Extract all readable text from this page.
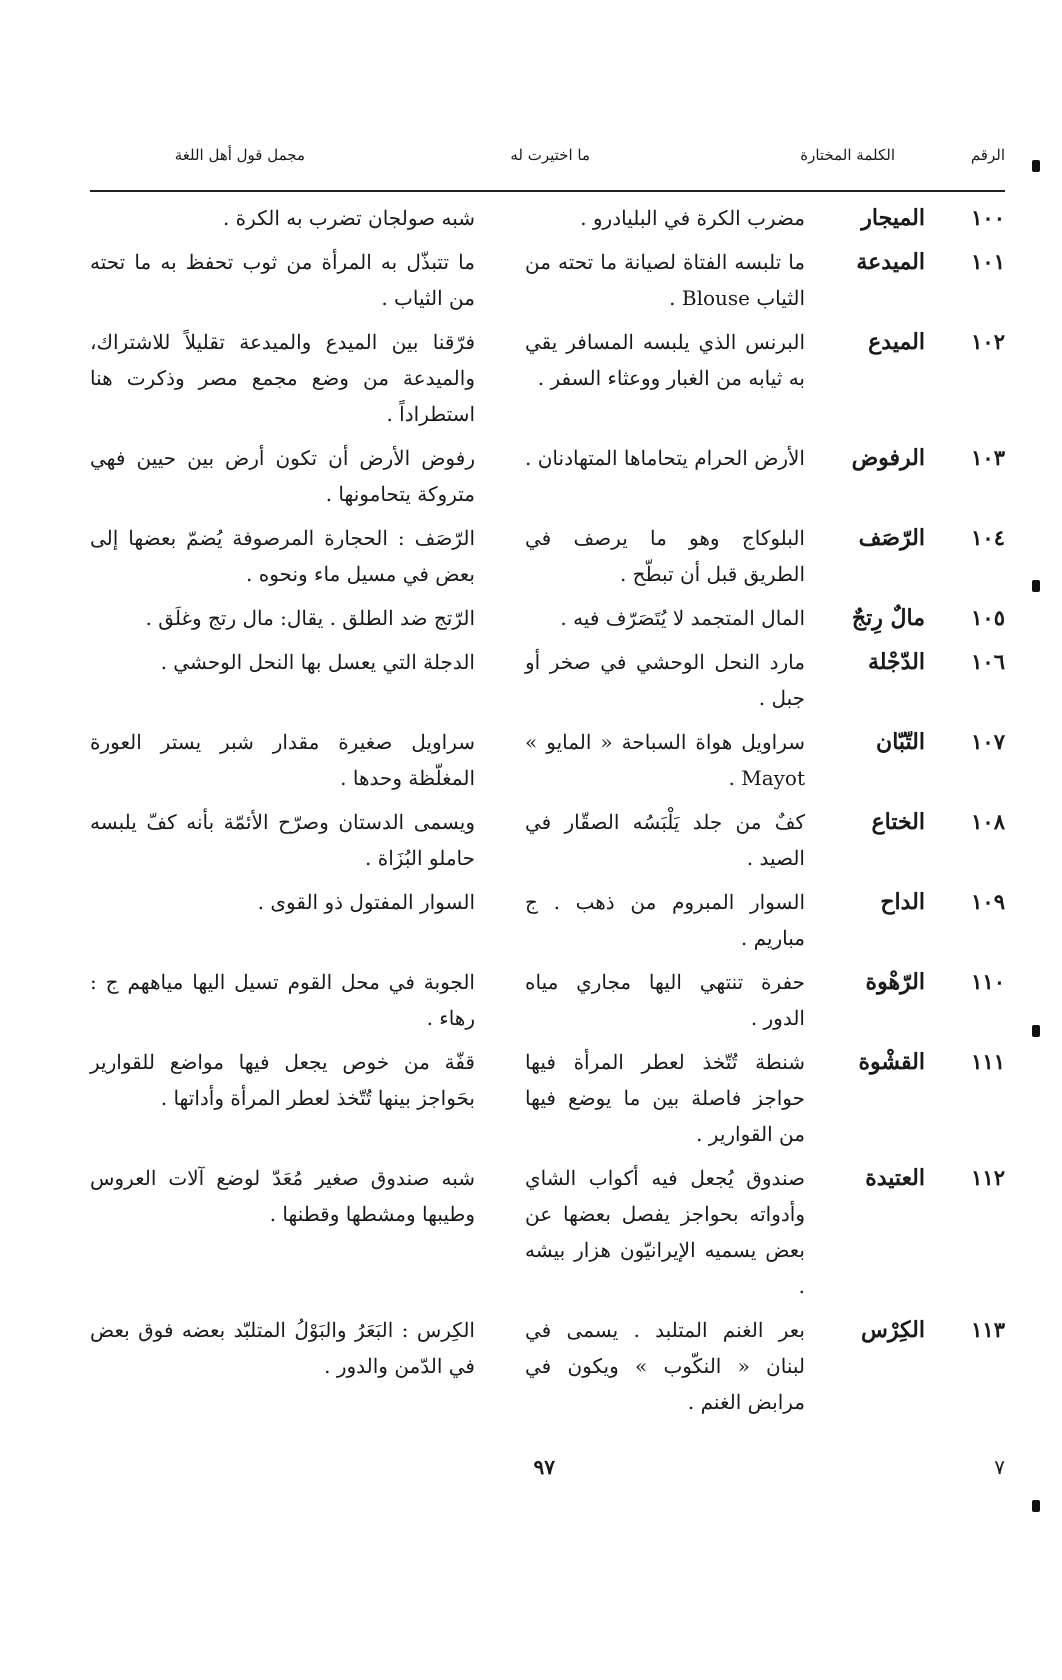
الرقم
الكلمة المختارة
ما اختيرت له
مجمل قول أهل اللغة
١٠٠
الميجار
مضرب الكرة في البليادرو .
شبه صولجان تضرب به الكرة .
١٠١
الميدعة
ما تلبسه الفتاة لصيانة ما تحته من الثياب Blouse .
ما تتبذّل به المرأة من ثوب تحفظ به ما تحته من الثياب .
١٠٢
الميدع
البرنس الذي يلبسه المسافر يقي به ثيابه من الغبار ووعثاء السفر .
فرّقنا بين الميدع والميدعة تقليلاً للاشتراك، والميدعة من وضع مجمع مصر وذكرت هنا استطراداً .
١٠٣
الرفوض
الأرض الحرام يتحاماها المتهادنان .
رفوض الأرض أن تكون أرض بين حيين فهي متروكة يتحامونها .
١٠٤
الرّصَف
البلوكاج وهو ما يرصف في الطريق قبل أن تبطّح .
الرّصَف : الحجارة المرصوفة يُضمّ بعضها إلى بعض في مسيل ماء ونحوه .
١٠٥
مالٌ رِتجٌ
المال المتجمد لا يُتَصَرّف فيه .
الرّتج ضد الطلق . يقال: مال رتج وغلَق .
١٠٦
الدّجْلة
مارد النحل الوحشي في صخر أو جبل .
الدجلة التي يعسل بها النحل الوحشي .
١٠٧
التّبّان
سراويل هواة السباحة « المايو » Mayot .
سراويل صغيرة مقدار شبر يستر العورة المغلّظة وحدها .
١٠٨
الختاع
كفٌ من جلد يَلْبَسُه الصقّار في الصيد .
ويسمى الدستان وصرّح الأئمّة بأنه كفّ يلبسه حاملو البُزَاة .
١٠٩
الداح
السوار المبروم من ذهب . ج مباريم .
السوار المفتول ذو القوى .
١١٠
الرّهْوة
حفرة تنتهي اليها مجاري مياه الدور .
الجوبة في محل القوم تسيل اليها مياههم ج : رهاء .
١١١
القشْوة
شنطة تُتّخذ لعطر المرأة فيها حواجز فاصلة بين ما يوضع فيها من القوارير .
قفّة من خوص يجعل فيها مواضع للقوارير بحَواجز بينها تُتّخذ لعطر المرأة وأداتها .
١١٢
العتيدة
صندوق يُجعل فيه أكواب الشاي وأدواته بحواجز يفصل بعضها عن بعض يسميه الإيرانيّون هزار بيشه .
شبه صندوق صغير مُعَدّ لوضع آلات العروس وطيبها ومشطها وقطنها .
١١٣
الكِرْس
بعر الغنم المتلبد . يسمى في لبنان « النكّوب » ويكون في مرابض الغنم .
الكِرس : البَعَرُ والبَوْلُ المتلبّد بعضه فوق بعض في الدّمن والدور .
٧
٩٧
